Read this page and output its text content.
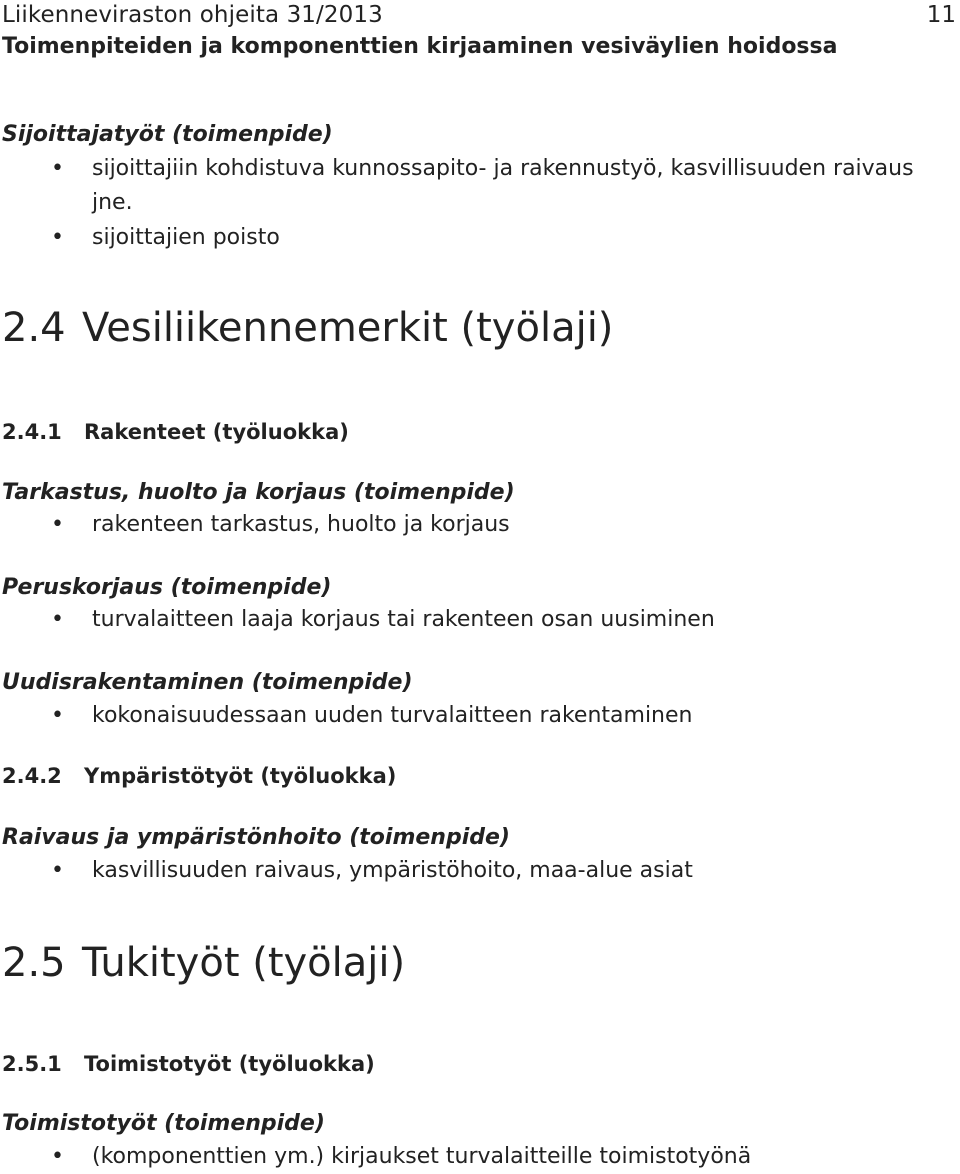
Liikenneviraston ohjeita 31/2013	11
Toimenpiteiden ja komponenttien kirjaaminen vesiväylien hoidossa
Sijoittajatyöt (toimenpide)
• sijoittajiin kohdistuva kunnossapito- ja rakennustyö, kasvillisuuden raivaus jne.
• sijoittajien poisto
2.4 Vesiliikennemerkit (työlaji)
2.4.1 Rakenteet (työluokka)
Tarkastus, huolto ja korjaus (toimenpide)
• rakenteen tarkastus, huolto ja korjaus
Peruskorjaus (toimenpide)
• turvalaitteen laaja korjaus tai rakenteen osan uusiminen
Uudisrakentaminen (toimenpide)
• kokonaisuudessaan uuden turvalaitteen rakentaminen
2.4.2 Ympäristötyöt (työluokka)
Raivaus ja ympäristönhoito (toimenpide)
• kasvillisuuden raivaus, ympäristöhoito, maa-alue asiat
2.5 Tukityöt (työlaji)
2.5.1 Toimistotyöt (työluokka)
Toimistotyöt (toimenpide)
• (komponenttien ym.) kirjaukset turvalaitteille toimistotyönä
